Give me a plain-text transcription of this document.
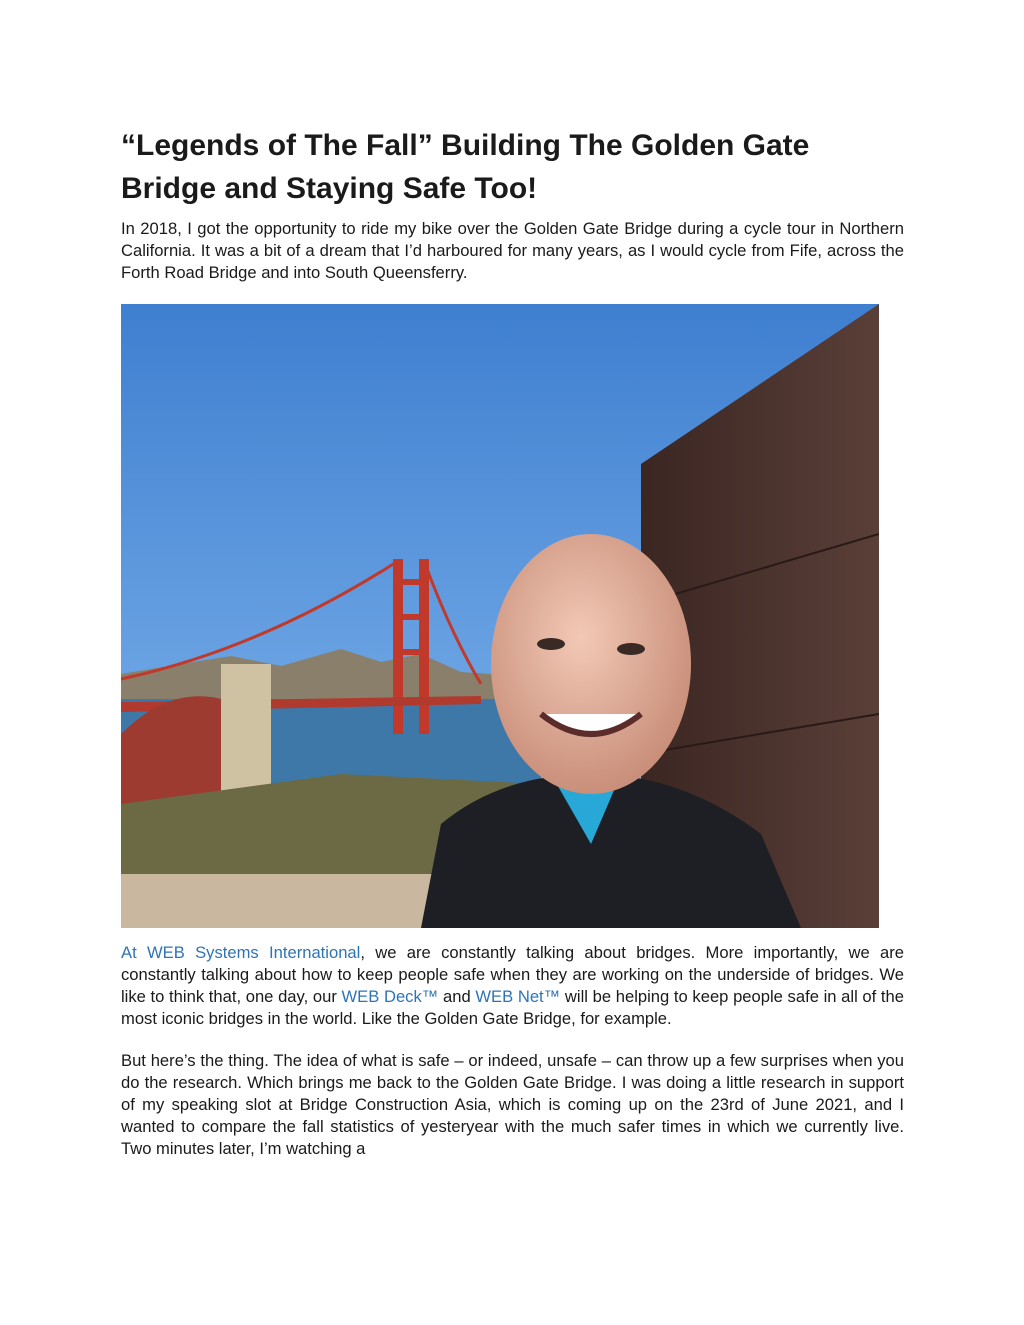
“Legends of The Fall” Building The Golden Gate Bridge and Staying Safe Too!

In 2018, I got the opportunity to ride my bike over the Golden Gate Bridge during a cycle tour in Northern California. It was a bit of a dream that I’d harboured for many years, as I would cycle from Fife, across the Forth Road Bridge and into South Queensferry.

At WEB Systems International, we are constantly talking about bridges. More importantly, we are constantly talking about how to keep people safe when they are working on the underside of bridges. We like to think that, one day, our WEB Deck™ and WEB Net™ will be helping to keep people safe in all of the most iconic bridges in the world. Like the Golden Gate Bridge, for example.

But here’s the thing. The idea of what is safe – or indeed, unsafe – can throw up a few surprises when you do the research. Which brings me back to the Golden Gate Bridge. I was doing a little research in support of my speaking slot at Bridge Construction Asia, which is coming up on the 23rd of June 2021, and I wanted to compare the fall statistics of yesteryear with the much safer times in which we currently live. Two minutes later, I’m watching a
